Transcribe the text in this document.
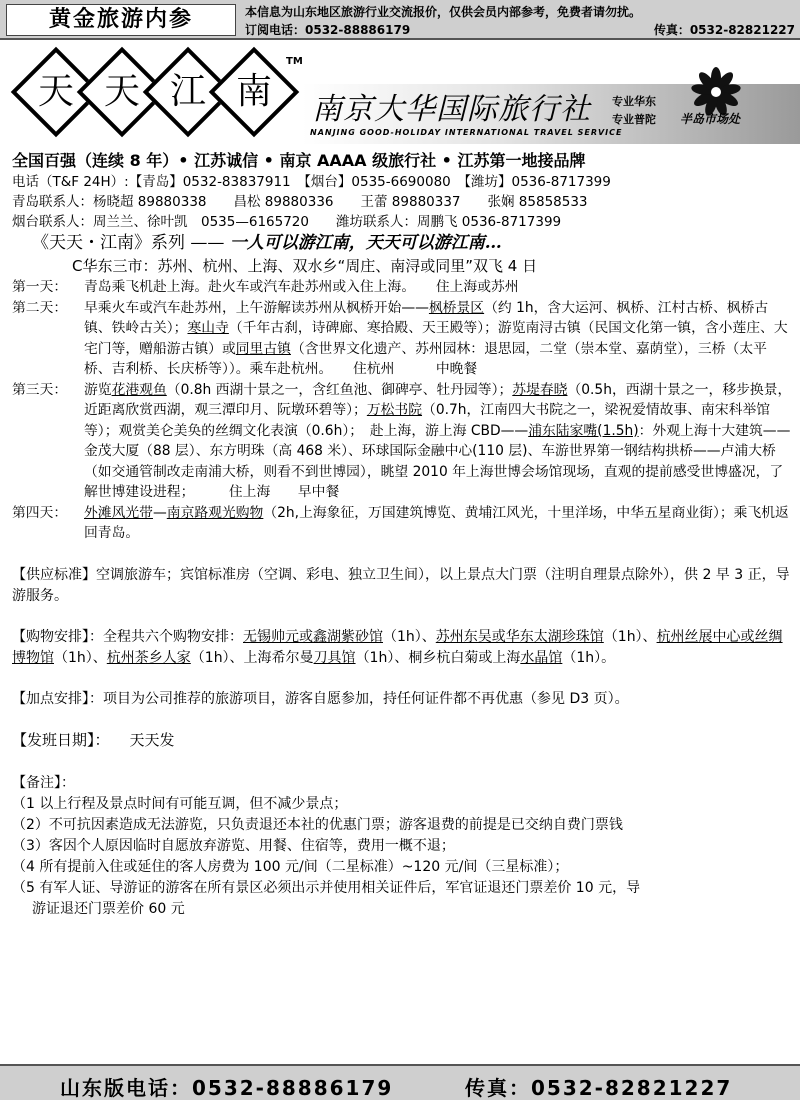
黄金旅游内参	本信息为山东地区旅游行业交流报价，仅供会员内部参考，免费者请勿扰。
订阅电话：0532-88886179	传真：0532-82821227
天 天 江 南
TM
南京大华国际旅行社
NANJING GOOD-HOLIDAY INTERNATIONAL TRAVEL SERVICE
专业华东
专业普陀 半岛市场处

全国百强（连续 8 年）• 江苏诚信 • 南京 AAAA 级旅行社 • 江苏第一地接品牌

电话（T&F 24H）:【青岛】0532-83837911　【烟台】0535-6690080　【潍坊】0536-8717399

青岛联系人：杨晓超 89880338　　昌松 89880336　　王蕾 89880337　　张娴 85858533

烟台联系人：周兰兰、徐叶凯　0535—6165720　　潍坊联系人：周鹏飞 0536-8717399

《天天・江南》系列 —— 一人可以游江南，天天可以游江南…

C华东三市：苏州、杭州、上海、双水乡“周庄、南浔或同里”双飞 4 日

第一天： 青岛乘飞机赴上海。赴火车或汽车赴苏州或入住上海。　　住上海或苏州
第二天： 早乘火车或汽车赴苏州，上午游解读苏州从枫桥开始——枫桥景区（约 1h，含大运河、枫桥、江村古桥、枫桥古镇、铁岭古关）；寒山寺（千年古刹，诗碑廊、寒拾殿、天王殿等）；游览南浔古镇（民国文化第一镇，含小莲庄、大宅门等，赠船游古镇）或同里古镇（含世界文化遗产、苏州园林：退思园，二堂（崇本堂、嘉荫堂），三桥（太平桥、吉利桥、长庆桥等））。乘车赴杭州。　　住杭州　　　中晚餐
第三天： 游览花港观鱼（0.8h 西湖十景之一，含红鱼池、御碑亭、牡丹园等）；苏堤春晓（0.5h，西湖十景之一，移步换景，近距离欣赏西湖，观三潭印月、阮墩环碧等）；万松书院（0.7h，江南四大书院之一，梁祝爱情故事、南宋科举馆等）；观赏美仑美奂的丝绸文化表演（0.6h）；　赴上海，游上海 CBD——浦东陆家嘴(1.5h)：外观上海十大建筑——金茂大厦（88 层）、东方明珠（高 468 米）、环球国际金融中心(110 层)、车游世界第一钢结构拱桥——卢浦大桥（如交通管制改走南浦大桥，则看不到世博园），眺望 2010 年上海世博会场馆现场，直观的提前感受世博盛况，了解世博建设进程；　　　住上海　　早中餐
第四天： 外滩风光带—南京路观光购物（2h,上海象征，万国建筑博览、黄埔江风光，十里洋场，中华五星商业街）；乘飞机返回青岛。
【供应标准】空调旅游车；宾馆标准房（空调、彩电、独立卫生间），以上景点大门票（注明自理景点除外），供 2 早 3 正，导游服务。
【购物安排】：全程共六个购物安排：无锡帅元或鑫湖紫砂馆（1h）、苏州东吴或华东太湖珍珠馆（1h）、杭州丝展中心或丝绸博物馆（1h）、杭州茶乡人家（1h）、上海希尔曼刀具馆（1h）、桐乡杭白菊或上海水晶馆（1h）。
【加点安排】：项目为公司推荐的旅游项目，游客自愿参加，持任何证件都不再优惠（参见 D3 页）。
【发班日期】： 天天发

【备注】：

（1 以上行程及景点时间有可能互调，但不减少景点；

（2）不可抗因素造成无法游览，只负责退还本社的优惠门票；游客退费的前提是已交纳自费门票钱

（3）客因个人原因临时自愿放弃游览、用餐、住宿等，费用一概不退；

（4 所有提前入住或延住的客人房费为 100 元/间（二星标准）~120 元/间（三星标准）；

（5 有军人证、导游证的游客在所有景区必须出示并使用相关证件后，军官证退还门票差价 10 元，导

游证退还门票差价 60 元

山东版电话：0532-88886179	传真：0532-82821227
